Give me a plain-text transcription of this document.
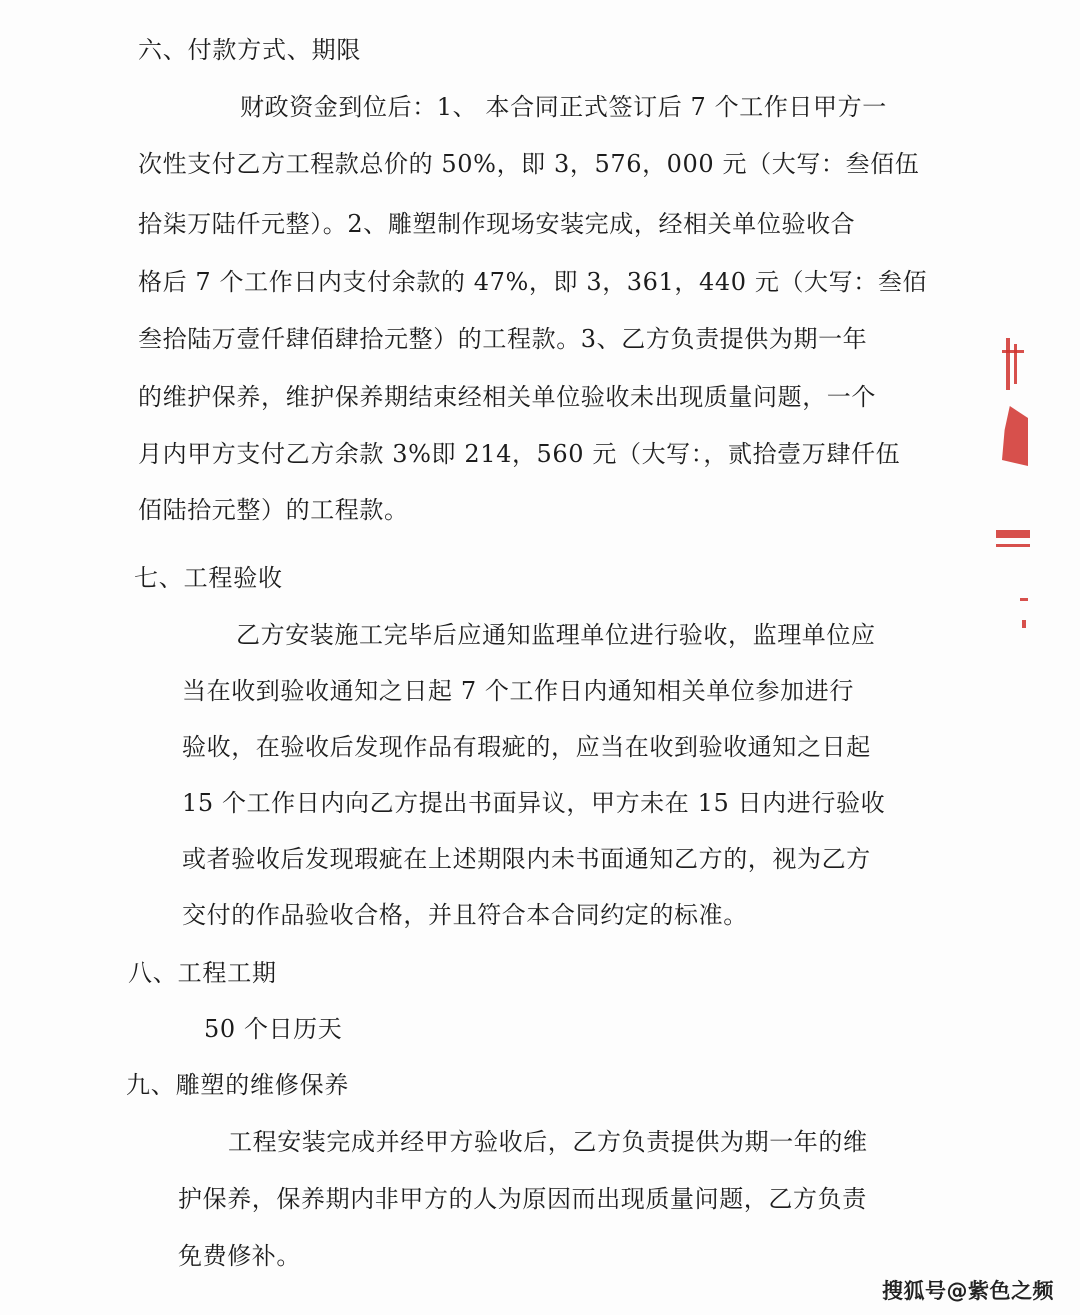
六、付款方式、期限
财政资金到位后：1、 本合同正式签订后 7 个工作日甲方一
次性支付乙方工程款总价的 50%，即 3，576，000 元（大写：叁佰伍
拾柒万陆仟元整）。2、雕塑制作现场安装完成，经相关单位验收合
格后 7 个工作日内支付余款的 47%，即 3，361，440 元（大写：叁佰
叁拾陆万壹仟肆佰肆拾元整）的工程款。3、乙方负责提供为期一年
的维护保养，维护保养期结束经相关单位验收未出现质量问题，一个
月内甲方支付乙方余款 3%即 214，560 元（大写：，贰拾壹万肆仟伍
佰陆拾元整）的工程款。
七、工程验收
乙方安装施工完毕后应通知监理单位进行验收，监理单位应
当在收到验收通知之日起 7 个工作日内通知相关单位参加进行
验收，在验收后发现作品有瑕疵的，应当在收到验收通知之日起
15 个工作日内向乙方提出书面异议，甲方未在 15 日内进行验收
或者验收后发现瑕疵在上述期限内未书面通知乙方的，视为乙方
交付的作品验收合格，并且符合本合同约定的标准。
八、工程工期
50 个日历天
九、雕塑的维修保养
工程安装完成并经甲方验收后，乙方负责提供为期一年的维
护保养，保养期内非甲方的人为原因而出现质量问题，乙方负责
免费修补。
搜狐号@紫色之频
